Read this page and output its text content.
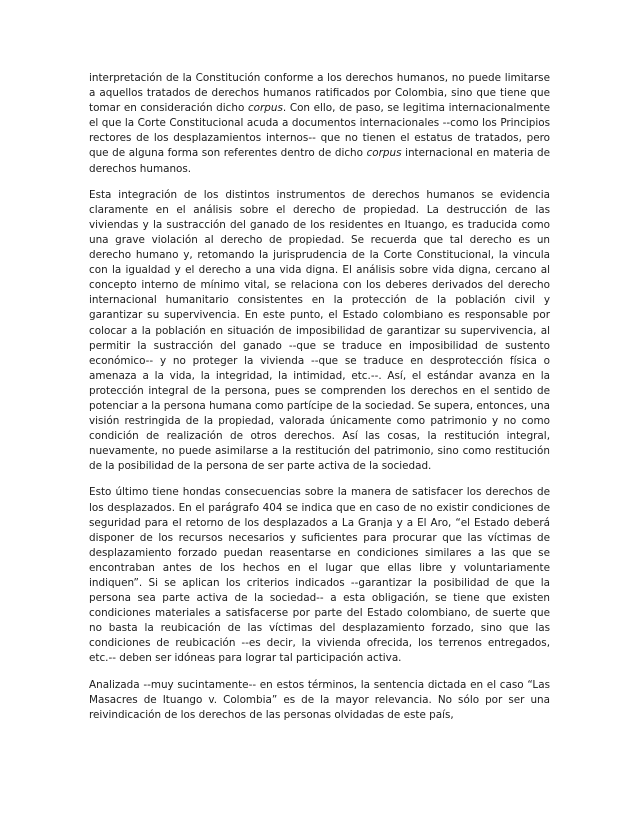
interpretación de la Constitución conforme a los derechos humanos, no puede limitarse a aquellos tratados de derechos humanos ratificados por Colombia, sino que tiene que tomar en consideración dicho corpus. Con ello, de paso, se legitima internacionalmente el que la Corte Constitucional acuda a documentos internacionales --como los Principios rectores de los desplazamientos internos-- que no tienen el estatus de tratados, pero que de alguna forma son referentes dentro de dicho corpus internacional en materia de derechos humanos.

Esta integración de los distintos instrumentos de derechos humanos se evidencia claramente en el análisis sobre el derecho de propiedad. La destrucción de las viviendas y la sustracción del ganado de los residentes en Ituango, es traducida como una grave violación al derecho de propiedad. Se recuerda que tal derecho es un derecho humano y, retomando la jurisprudencia de la Corte Constitucional, la vincula con la igualdad y el derecho a una vida digna. El análisis sobre vida digna, cercano al concepto interno de mínimo vital, se relaciona con los deberes derivados del derecho internacional humanitario consistentes en la protección de la población civil y garantizar su supervivencia. En este punto, el Estado colombiano es responsable por colocar a la población en situación de imposibilidad de garantizar su supervivencia, al permitir la sustracción del ganado --que se traduce en imposibilidad de sustento económico-- y no proteger la vivienda --que se traduce en desprotección física o amenaza a la vida, la integridad, la intimidad, etc.--. Así, el estándar avanza en la protección integral de la persona, pues se comprenden los derechos en el sentido de potenciar a la persona humana como partícipe de la sociedad. Se supera, entonces, una visión restringida de la propiedad, valorada únicamente como patrimonio y no como condición de realización de otros derechos. Así las cosas, la restitución integral, nuevamente, no puede asimilarse a la restitución del patrimonio, sino como restitución de la posibilidad de la persona de ser parte activa de la sociedad.

Esto último tiene hondas consecuencias sobre la manera de satisfacer los derechos de los desplazados. En el parágrafo 404 se indica que en caso de no existir condiciones de seguridad para el retorno de los desplazados a La Granja y a El Aro, “el Estado deberá disponer de los recursos necesarios y suficientes para procurar que las víctimas de desplazamiento forzado puedan reasentarse en condiciones similares a las que se encontraban antes de los hechos en el lugar que ellas libre y voluntariamente indiquen”. Si se aplican los criterios indicados --garantizar la posibilidad de que la persona sea parte activa de la sociedad-- a esta obligación, se tiene que existen condiciones materiales a satisfacerse por parte del Estado colombiano, de suerte que no basta la reubicación de las víctimas del desplazamiento forzado, sino que las condiciones de reubicación --es decir, la vivienda ofrecida, los terrenos entregados, etc.-- deben ser idóneas para lograr tal participación activa.

Analizada --muy sucintamente-- en estos términos, la sentencia dictada en el caso “Las Masacres de Ituango v. Colombia” es de la mayor relevancia. No sólo por ser una reivindicación de los derechos de las personas olvidadas de este país,
